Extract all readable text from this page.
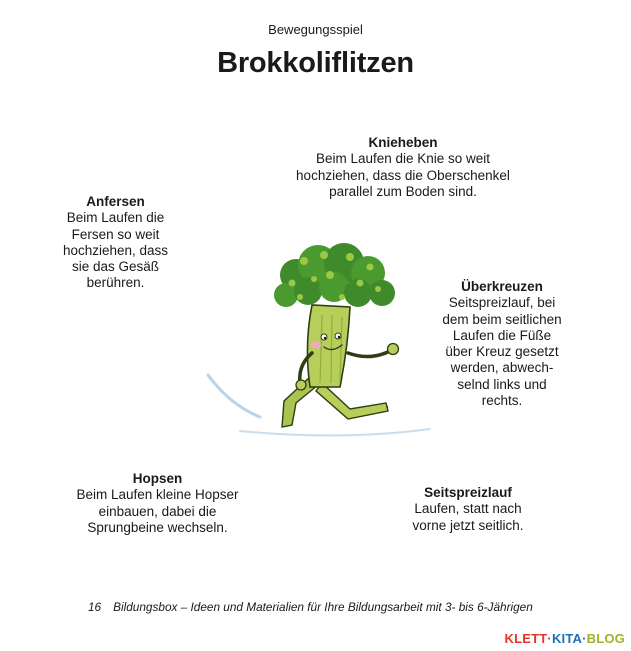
Bewegungsspiel
Brokkoliflitzen
Knieheben
Beim Laufen die Knie so weit
hochziehen, dass die Oberschenkel
parallel zum Boden sind.
Anfersen
Beim Laufen die
Fersen so weit
hochziehen, dass
sie das Gesäß
berühren.	Überkreuzen
Seitspreizlauf, bei
dem beim seitlichen
Laufen die Füße
über Kreuz gesetzt
werden, abwech-
selnd links und
rechts.
Hopsen
Beim Laufen kleine Hopser
einbauen, dabei die
Sprungbeine wechseln.
Seitspreizlauf
Laufen, statt nach
vorne jetzt seitlich.
16 Bildungsbox – Ideen und Materialien für Ihre Bildungsarbeit mit 3- bis 6-Jährigen
KLETT·KITA·BLOG
